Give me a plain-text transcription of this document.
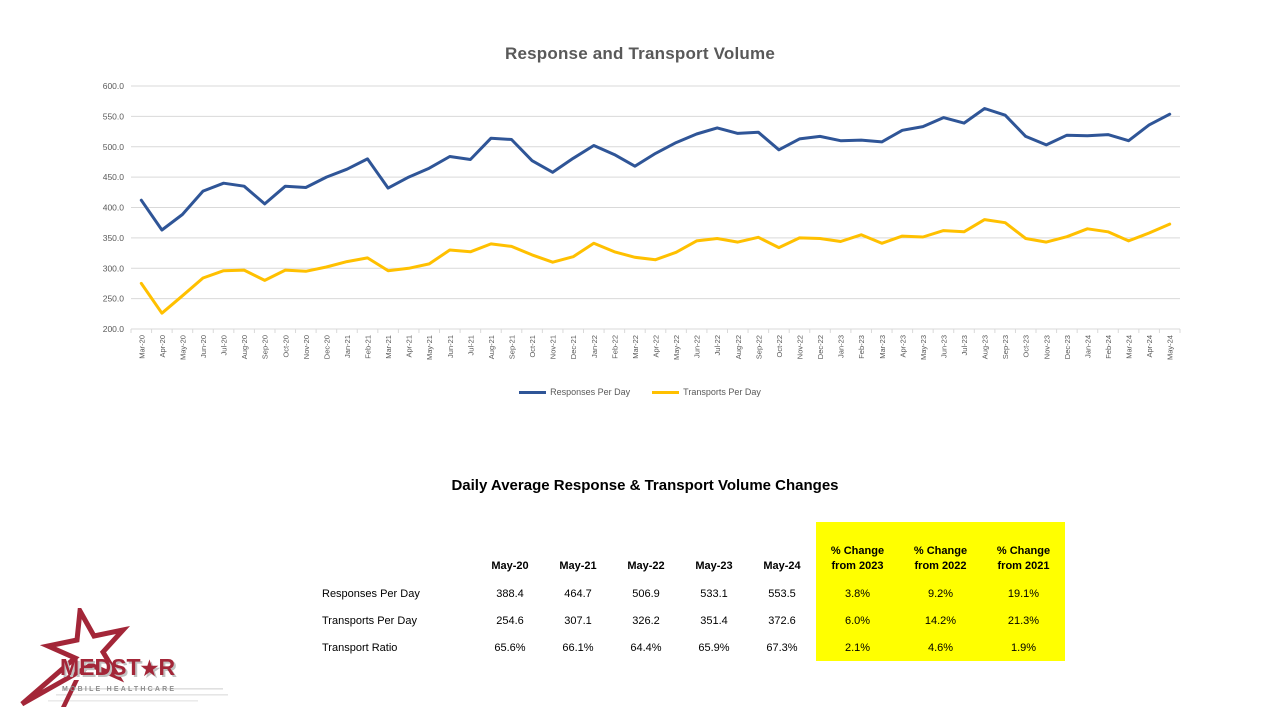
Response and Transport Volume
200.0
250.0
300.0
350.0
400.0
450.0
500.0
550.0
600.0
Mar-20 Apr-20 May-20 Jun-20 Jul-20 Aug-20 Sep-20 Oct-20 Nov-20 Dec-20 Jan-21 Feb-21 Mar-21 Apr-21 May-21 Jun-21 Jul-21 Aug-21 Sep-21 Oct-21 Nov-21 Dec-21 Jan-22 Feb-22 Mar-22 Apr-22 May-22 Jun-22 Jul-22 Aug-22 Sep-22 Oct-22 Nov-22 Dec-22 Jan-23 Feb-23 Mar-23 Apr-23 May-23 Jun-23 Jul-23 Aug-23 Sep-23 Oct-23 Nov-23 Dec-23 Jan-24 Feb-24 Mar-24 Apr-24 May-24
Responses Per Day	Transports Per Day
Daily Average Response & Transport Volume Changes
	May-20	May-21	May-22	May-23	May-24	% Change from 2023	% Change from 2022	% Change from 2021
Responses Per Day	388.4	464.7	506.9	533.1	553.5	3.8%	9.2%	19.1%
Transports Per Day	254.6	307.1	326.2	351.4	372.6	6.0%	14.2%	21.3%
Transport Ratio	65.6%	66.1%	64.4%	65.9%	67.3%	2.1%	4.6%	1.9%
MEDST★R
MOBILE HEALTHCARE
